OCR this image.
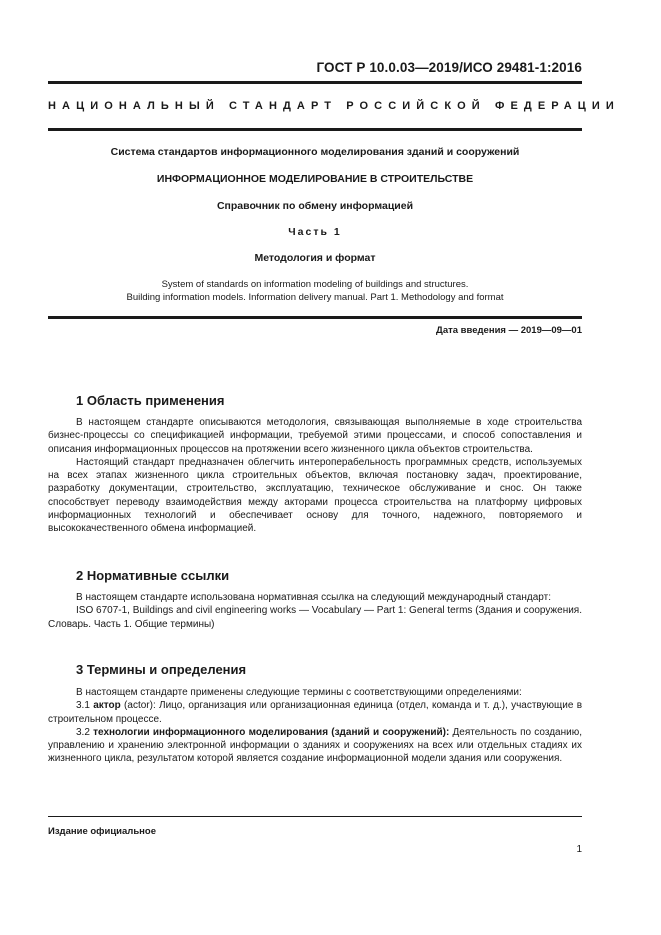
ГОСТ Р 10.0.03—2019/ИСО 29481-1:2016
НАЦИОНАЛЬНЫЙ СТАНДАРТ РОССИЙСКОЙ ФЕДЕРАЦИИ
Система стандартов информационного моделирования зданий и сооружений
ИНФОРМАЦИОННОЕ МОДЕЛИРОВАНИЕ В СТРОИТЕЛЬСТВЕ
Справочник по обмену информацией
Часть 1
Методология и формат
System of standards on information modeling of buildings and structures.
Building information models. Information delivery manual. Part 1. Methodology and format
Дата введения — 2019—09—01
1 Область применения

В настоящем стандарте описываются методология, связывающая выполняемые в ходе строительства бизнес-процессы со спецификацией информации, требуемой этими процессами, и способ сопоставления и описания информационных процессов на протяжении всего жизненного цикла объектов строительства.

Настоящий стандарт предназначен облегчить интероперабельность программных средств, используемых на всех этапах жизненного цикла строительных объектов, включая постановку задач, проектирование, разработку документации, строительство, эксплуатацию, техническое обслуживание и снос. Он также способствует переводу взаимодействия между акторами процесса строительства на платформу цифровых информационных технологий и обеспечивает основу для точного, надежного, повторяемого и высококачественного обмена информацией.

2 Нормативные ссылки

В настоящем стандарте использована нормативная ссылка на следующий международный стандарт:

ISO 6707-1, Buildings and civil engineering works — Vocabulary — Part 1: General terms (Здания и сооружения. Словарь. Часть 1. Общие термины)

3 Термины и определения

В настоящем стандарте применены следующие термины с соответствующими определениями:

3.1 актор (actor): Лицо, организация или организационная единица (отдел, команда и т. д.), участвующие в строительном процессе.

3.2 технологии информационного моделирования (зданий и сооружений): Деятельность по созданию, управлению и хранению электронной информации о зданиях и сооружениях на всех или отдельных стадиях их жизненного цикла, результатом которой является создание информационной модели здания или сооружения.

Издание официальное
1
